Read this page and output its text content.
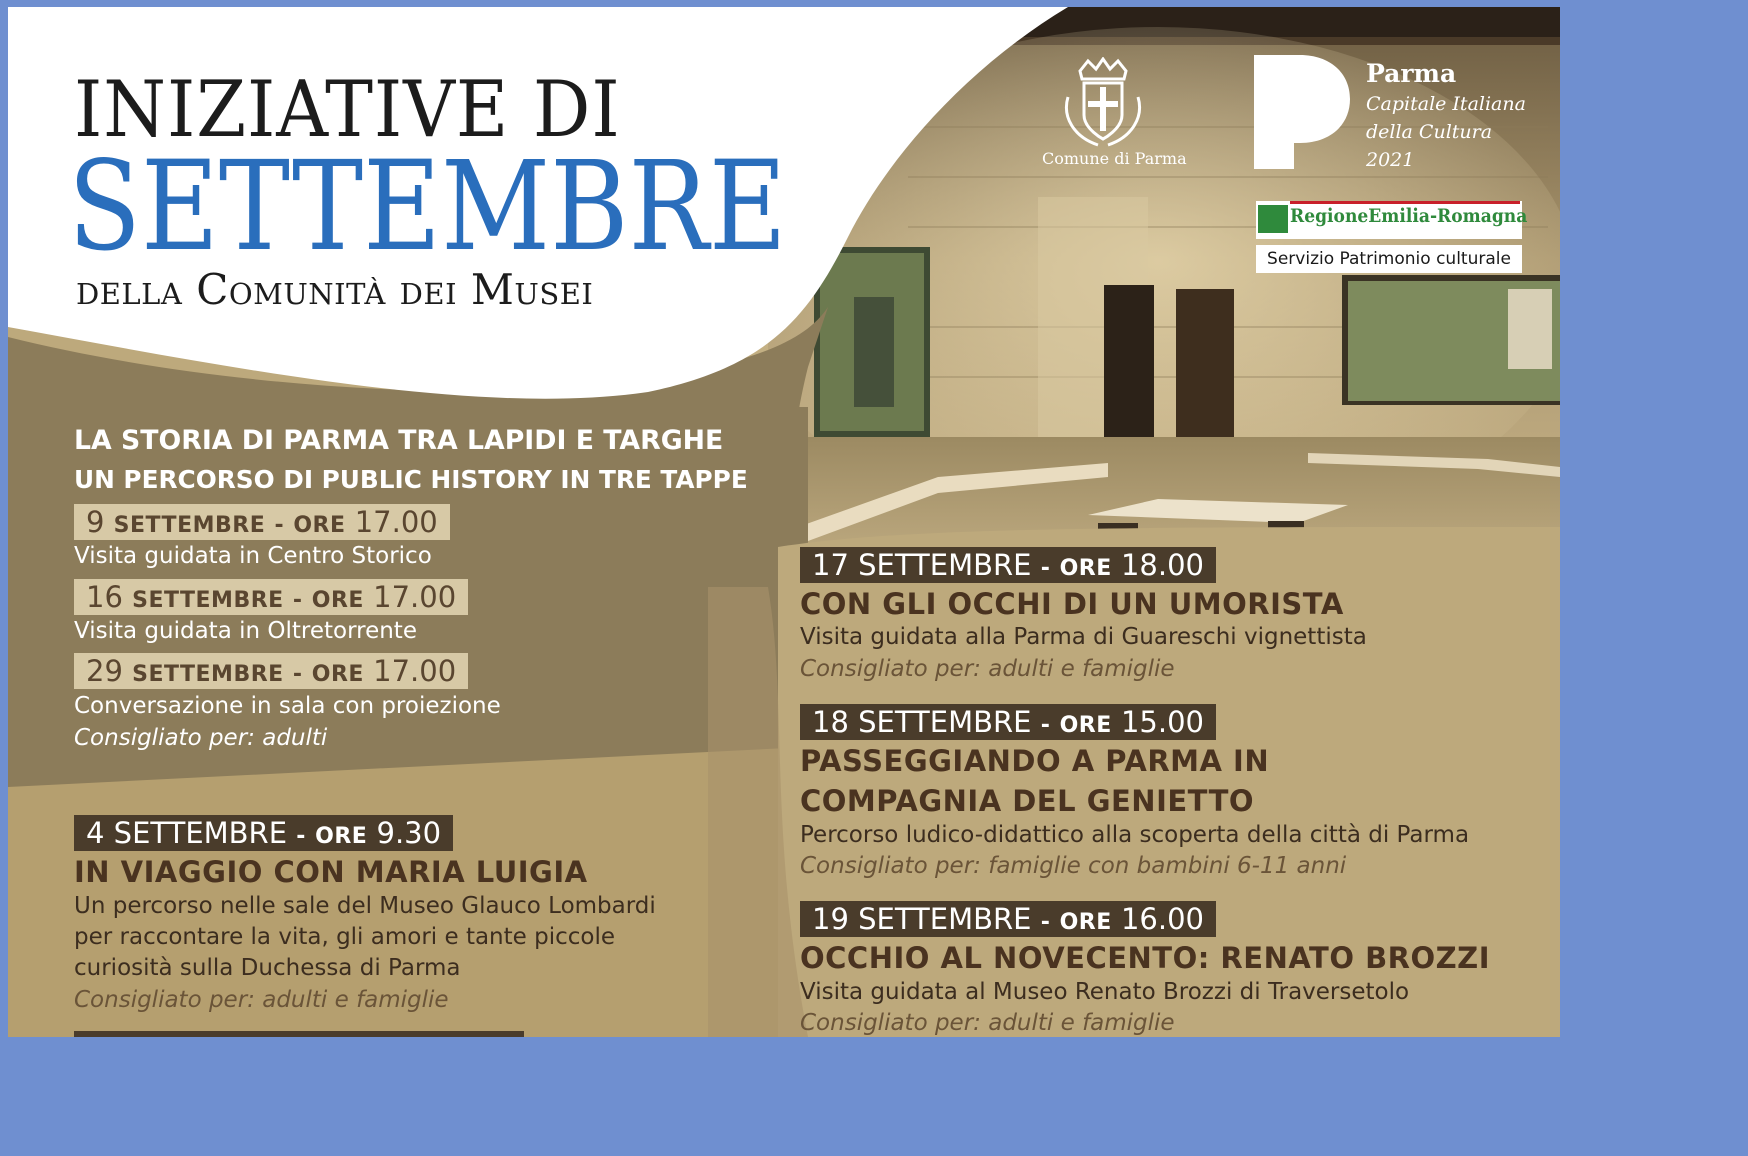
INIZIATIVE DI
SETTEMBRE
della Comunità dei Musei
Comune di Parma
Parma
Capitale Italiana
della Cultura
2021
RegioneEmilia-Romagna
Servizio Patrimonio culturale
LA STORIA DI PARMA TRA LAPIDI E TARGHE
UN PERCORSO DI PUBLIC HISTORY IN TRE TAPPE
9 SETTEMBRE - ORE 17.00
Visita guidata in Centro Storico
16 SETTEMBRE - ORE 17.00
Visita guidata in Oltretorrente
29 SETTEMBRE - ORE 17.00
Conversazione in sala con proiezione
Consigliato per: adulti
4 SETTEMBRE - ORE 9.30
IN VIAGGIO CON MARIA LUIGIA
Un percorso nelle sale del Museo Glauco Lombardi
per raccontare la vita, gli amori e tante piccole
curiosità sulla Duchessa di Parma
Consigliato per: adulti e famiglie
17 SETTEMBRE - ORE 18.00
CON GLI OCCHI DI UN UMORISTA
Visita guidata alla Parma di Guareschi vignettista
Consigliato per: adulti e famiglie
18 SETTEMBRE - ORE 15.00
PASSEGGIANDO A PARMA IN
COMPAGNIA DEL GENIETTO
Percorso ludico-didattico alla scoperta della città di Parma
Consigliato per: famiglie con bambini 6-11 anni
19 SETTEMBRE - ORE 16.00
OCCHIO AL NOVECENTO: RENATO BROZZI
Visita guidata al Museo Renato Brozzi di Traversetolo
Consigliato per: adulti e famiglie
